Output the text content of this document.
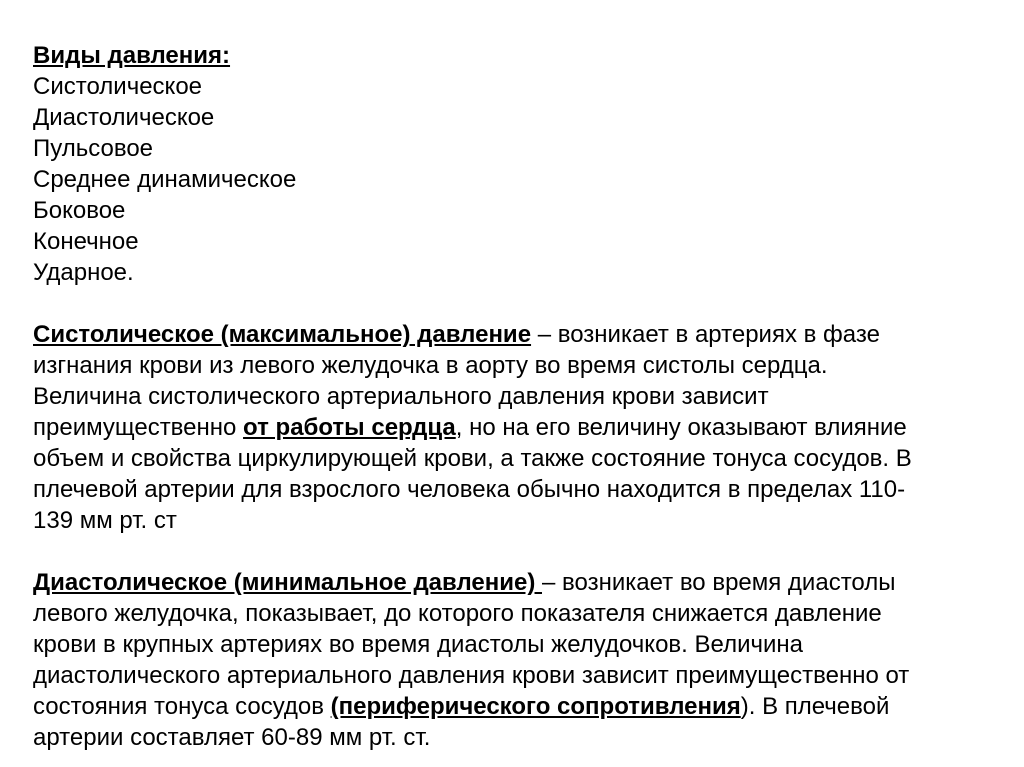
Виды давления:
Систолическое
Диастолическое
Пульсовое
Среднее динамическое
Боковое
Конечное
Ударное.
Систолическое (максимальное) давление – возникает в артериях в фазе
изгнания крови из левого желудочка в аорту во время систолы сердца.
Величина систолического артериального давления крови зависит
преимущественно от работы сердца, но на его величину оказывают влияние
объем и свойства циркулирующей крови, а также состояние тонуса сосудов. В
плечевой артерии для взрослого человека обычно находится в пределах 110-
139 мм рт. ст
Диастолическое (минимальное давление) – возникает во время диастолы
левого желудочка, показывает, до которого показателя снижается давление
крови в крупных артериях во время диастолы желудочков. Величина
диастолического артериального давления крови зависит преимущественно от
состояния тонуса сосудов (периферического сопротивления). В плечевой
артерии составляет 60-89 мм рт. ст.
